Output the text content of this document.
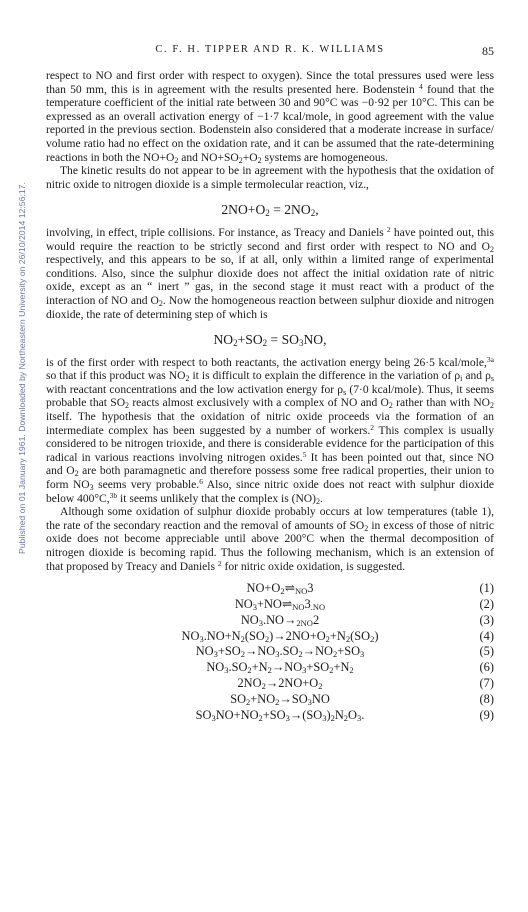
C. F. H. TIPPER AND R. K. WILLIAMS	85
Published on 01 January 1961. Downloaded by Northeastern University on 26/10/2014 12:56:17.

respect to NO and first order with respect to oxygen). Since the total pressures used were less than 50 mm, this is in agreement with the results presented here. Bodenstein $^4$ found that the temperature coefficient of the initial rate between 30 and 90°C was −0·92 per 10°C. This can be expressed as an overall activation energy of −1·7 kcal/mole, in good agreement with the value reported in the previous section. Bodenstein also considered that a moderate increase in surface/ volume ratio had no effect on the oxidation rate, and it can be assumed that the rate-determining reactions in both the $NO+O_2$ and $NO+SO_2+O_2$ systems are homogeneous.

The kinetic results do not appear to be in agreement with the hypothesis that the oxidation of nitric oxide to nitrogen dioxide is a simple termolecular reaction, viz.,

$2NO+O_2 = 2NO_2$,

involving, in effect, triple collisions. For instance, as Treacy and Daniels $^2$ have pointed out, this would require the reaction to be strictly second and first order with respect to NO and $O_2$ respectively, and this appears to be so, if at all, only within a limited range of experimental conditions. Also, since the sulphur dioxide does not affect the initial oxidation rate of nitric oxide, except as an “ inert ” gas, in the second stage it must react with a product of the interaction of NO and $O_2$. Now the homogeneous reaction between sulphur dioxide and nitrogen dioxide, the rate of determining step of which is

$NO_2+SO_2 = SO_3NO$,

is of the first order with respect to both reactants, the activation energy being 26·5 kcal/mole,$^{3a}$ so that if this product was $NO_2$ it is difficult to explain the difference in the variation of $\rho_i$ and $\rho_s$ with reactant concentrations and the low activation energy for $\rho_s$ (7·0 kcal/mole). Thus, it seems probable that $SO_2$ reacts almost exclusively with a complex of NO and $O_2$ rather than with $NO_2$ itself. The hypothesis that the oxidation of nitric oxide proceeds via the formation of an intermediate complex has been suggested by a number of workers.$^2$ This complex is usually considered to be nitrogen trioxide, and there is considerable evidence for the participation of this radical in various reactions involving nitrogen oxides.$^5$ It has been pointed out that, since NO and $O_2$ are both paramagnetic and therefore possess some free radical properties, their union to form $NO_3$ seems very probable.$^6$ Also, since nitric oxide does not react with sulphur dioxide below 400°C,$^{3b}$ it seems unlikely that the complex is $(NO)_2$.

Although some oxidation of sulphur dioxide probably occurs at low temperatures (table 1), the rate of the secondary reaction and the removal of amounts of $SO_2$ in excess of those of nitric oxide does not become appreciable until above 200°C when the thermal decomposition of nitrogen dioxide is becoming rapid. Thus the following mechanism, which is an extension of that proposed by Treacy and Daniels $^2$ for nitric oxide oxidation, is suggested.

$NO+O_2\rightleftharpoons_{NO}3$	(1)
$NO_3+NO\rightleftharpoons_{NO}3_{.NO}$	(2)
$NO_3.NO\to_{2NO}2$	(3)
$NO_3.NO+N_2(SO_2)\to 2NO+O_2+N_2(SO_2)$	(4)
$NO_3+SO_2\to NO_3.SO_2\to NO_2+SO_3$	(5)
$NO_3.SO_2+N_2\to NO_3+SO_2+N_2$	(6)
$2NO_2\to 2NO+O_2$	(7)
$SO_2+NO_2\to SO_3NO$	(8)
$SO_3NO+NO_2+SO_3\to(SO_3)_2N_2O_3$.	(9)
